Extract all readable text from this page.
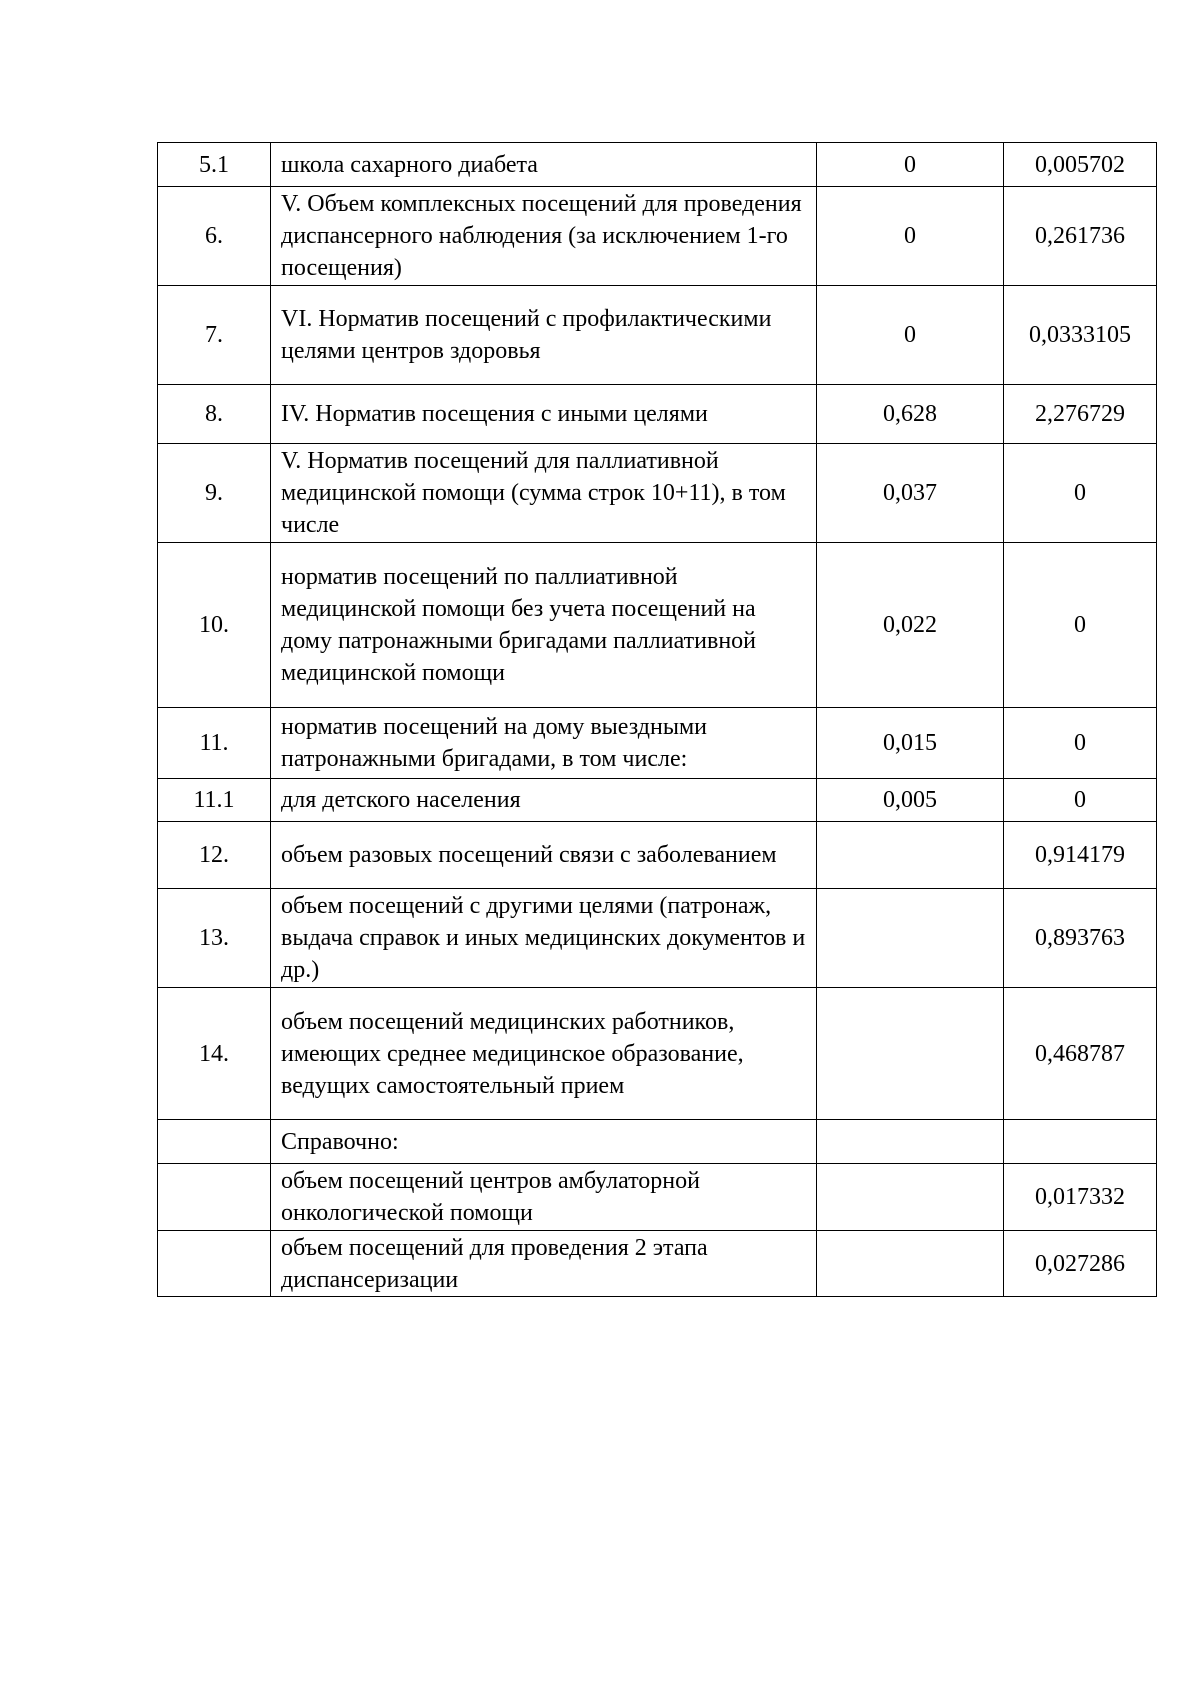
5.1	школа сахарного диабета	0	0,005702
6.	V. Объем комплексных посещений для проведения диспансерного наблюдения (за исключением 1-го посещения)	0	0,261736
7.	VI. Норматив посещений с профилактическими целями центров здоровья	0	0,0333105
8.	IV. Норматив посещения с иными целями	0,628	2,276729
9.	V. Норматив посещений для паллиативной медицинской помощи (сумма строк 10+11), в том числе	0,037	0
10.	норматив посещений по паллиативной медицинской помощи без учета посещений на дому патронажными бригадами паллиативной медицинской помощи	0,022	0
11.	норматив посещений на дому выездными патронажными бригадами, в том числе:	0,015	0
11.1	для детского населения	0,005	0
12.	объем разовых посещений связи с заболеванием		0,914179
13.	объем посещений с другими целями (патронаж, выдача справок и иных медицинских документов и др.)		0,893763
14.	объем посещений медицинских работников, имеющих среднее медицинское образование, ведущих самостоятельный прием		0,468787
	Справочно:		
	объем посещений центров амбулаторной онкологической помощи		0,017332
	объем посещений для проведения 2 этапа диспансеризации		0,027286
